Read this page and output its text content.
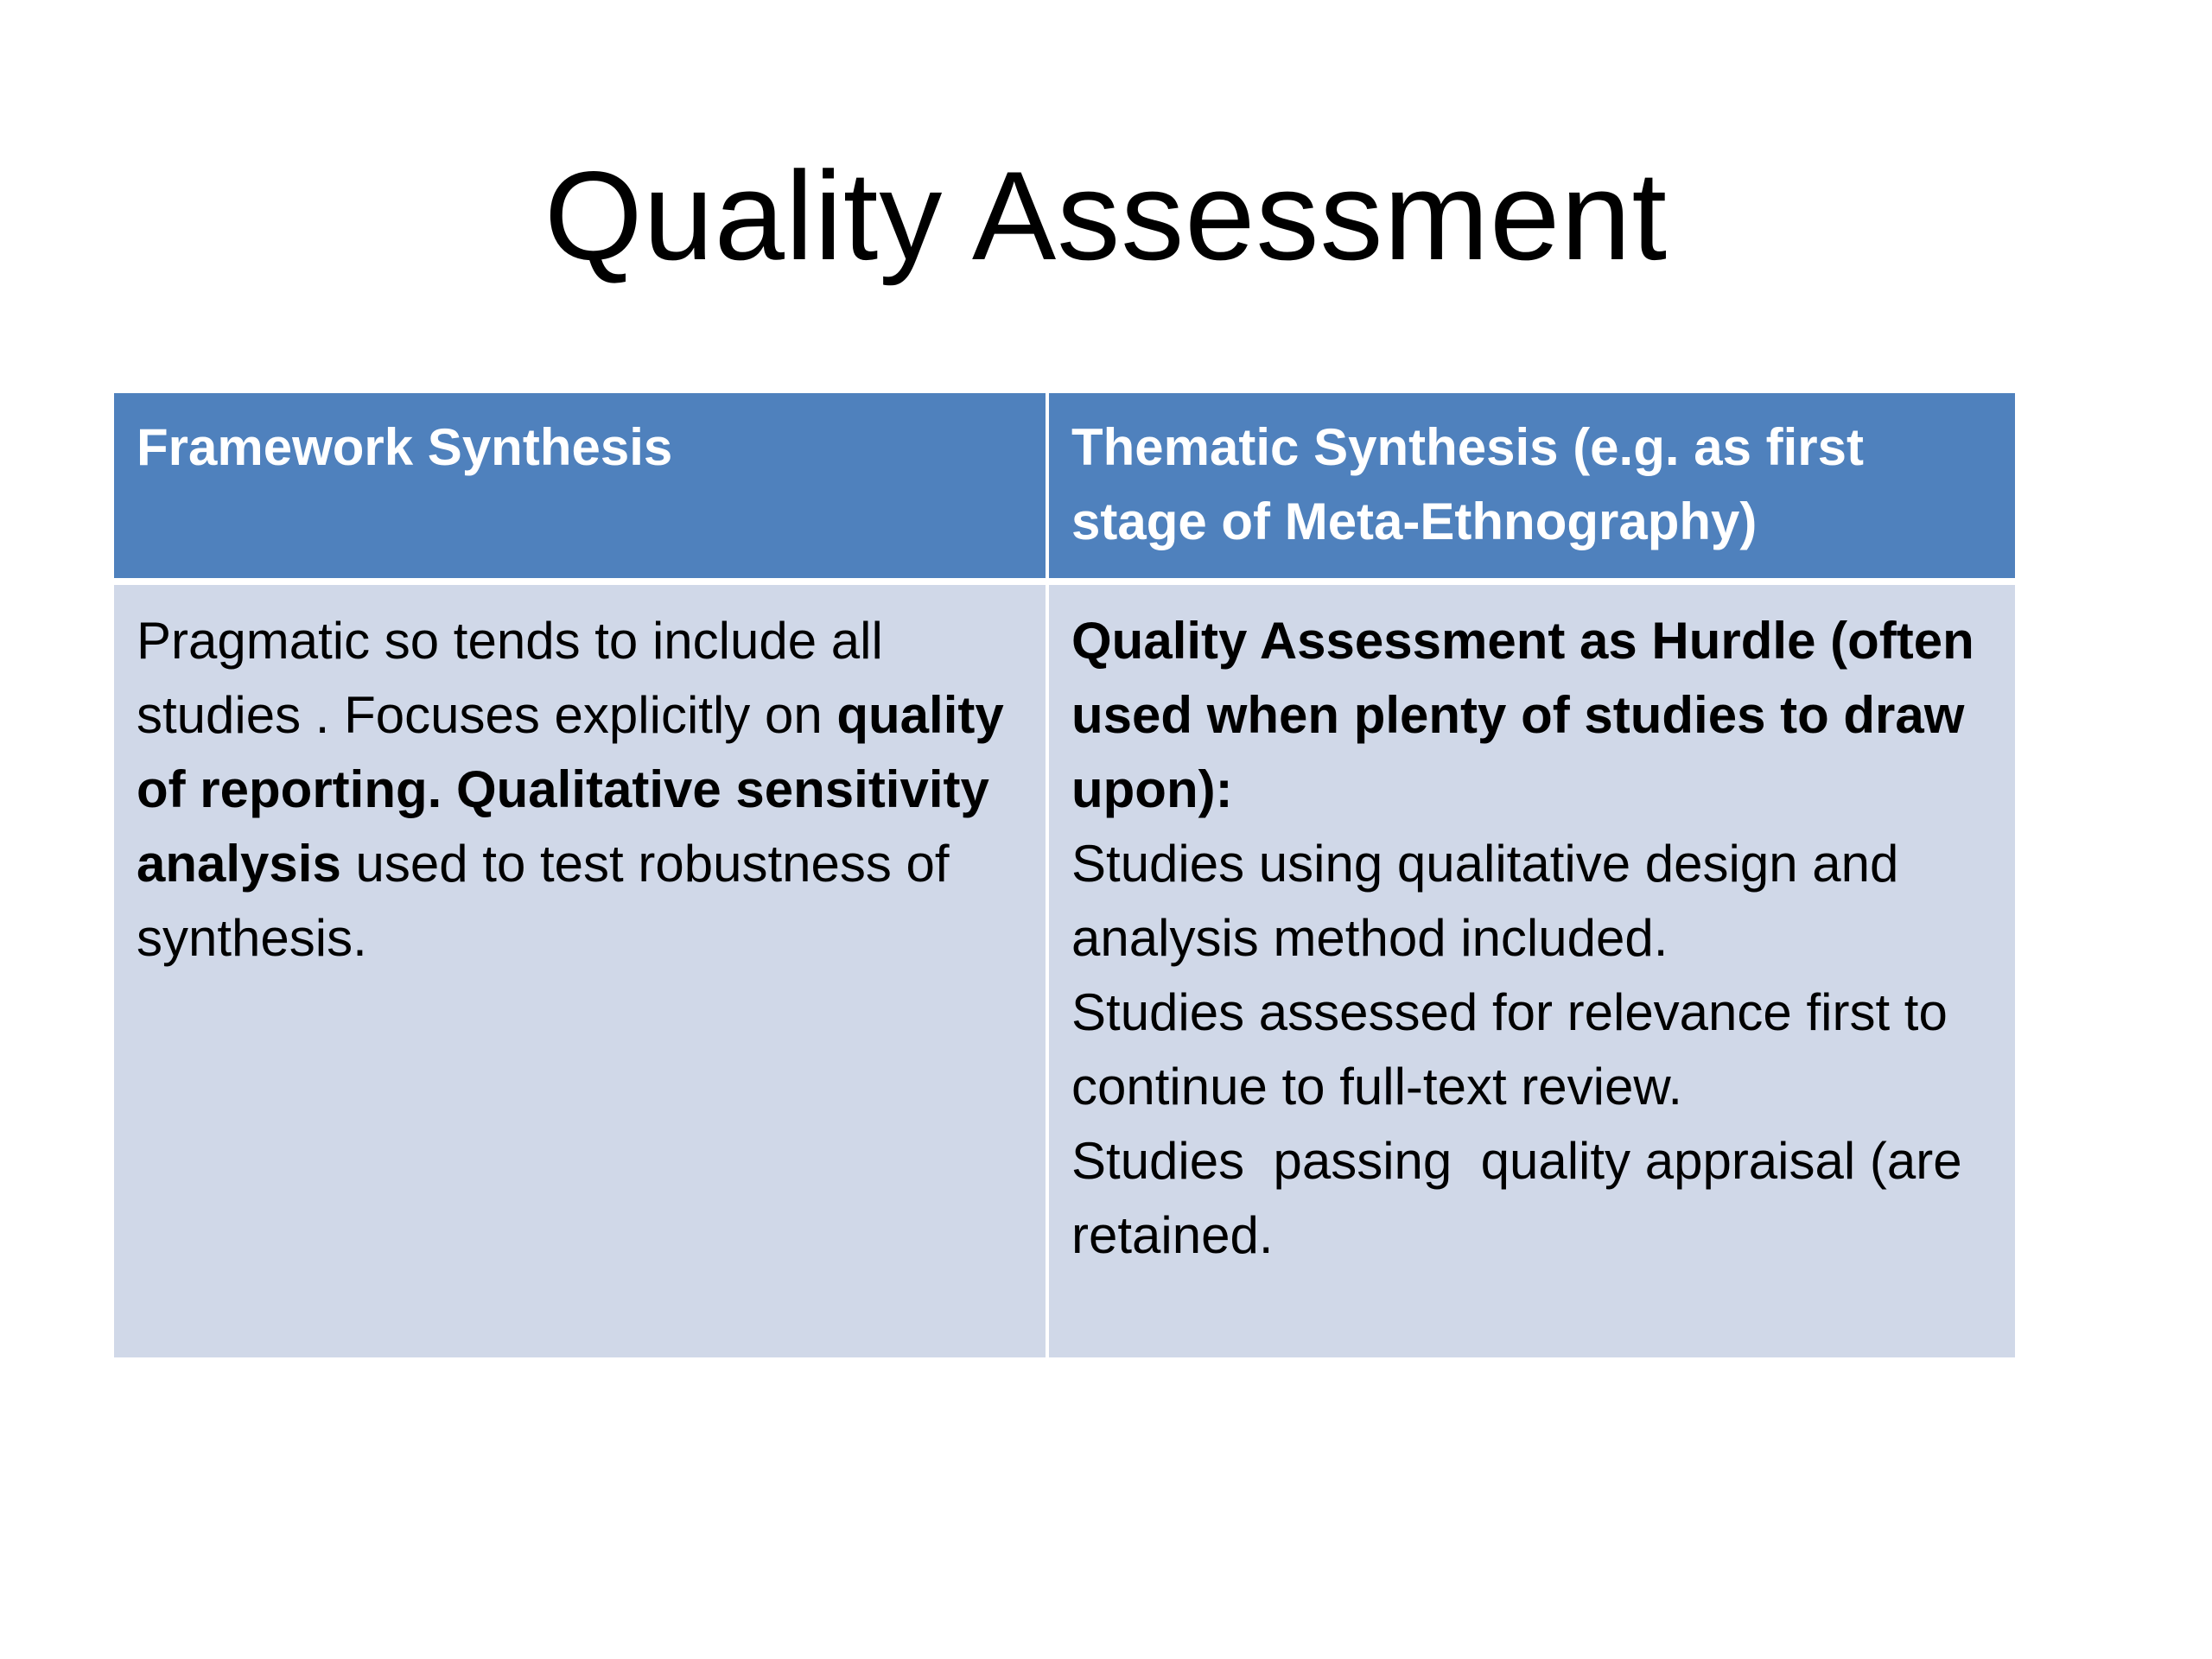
Quality Assessment
Framework Synthesis	Thematic Synthesis (e.g. as first stage of Meta-Ethnography)
Pragmatic so tends to include all studies . Focuses explicitly on quality of reporting. Qualitative sensitivity analysis used to test robustness of synthesis.	Quality Assessment as Hurdle (often used when plenty of studies to draw upon):
Studies using qualitative design and analysis method included.
Studies assessed for relevance first to continue to full-text review.
Studies  passing  quality appraisal (are retained.
